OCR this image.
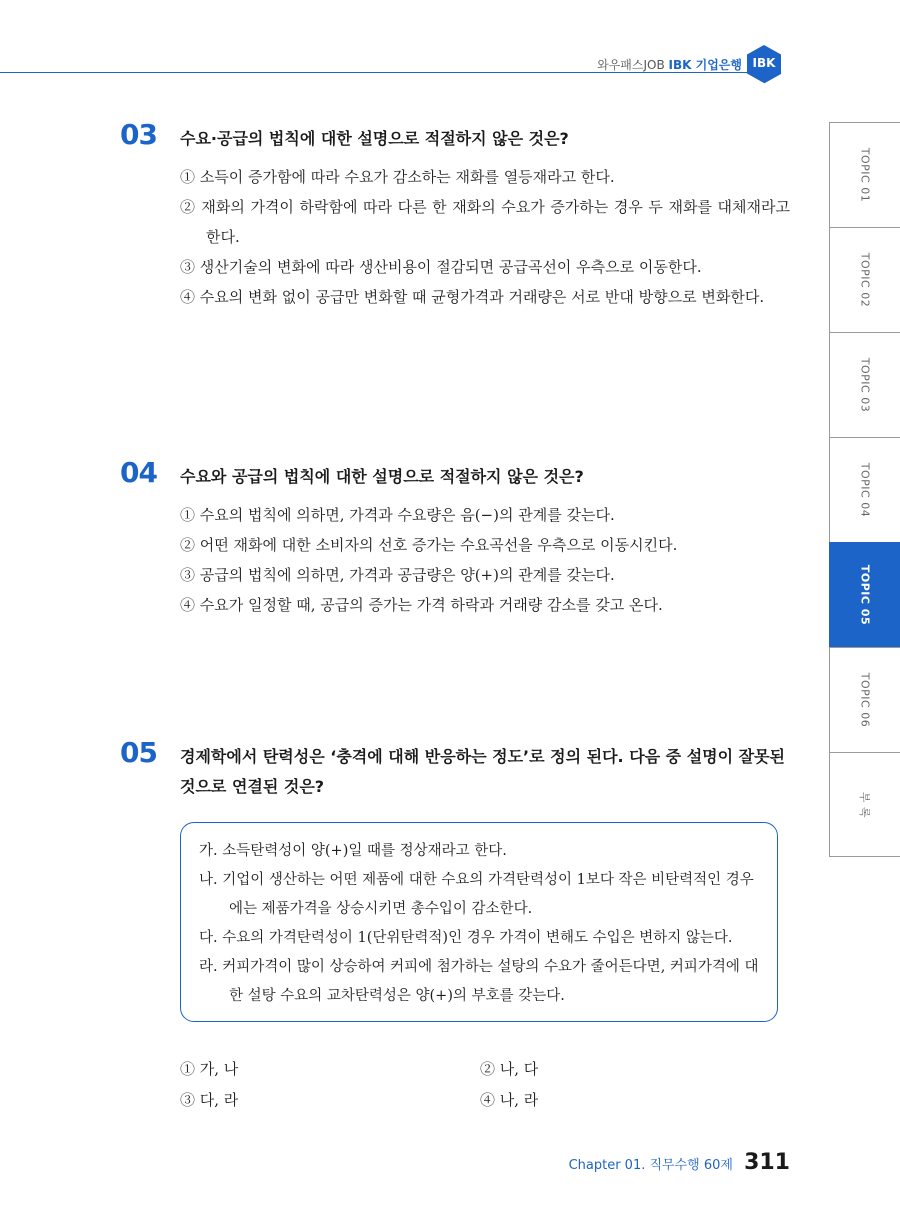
와우패스JOB IBK 기업은행 IBK
TOPIC 01
TOPIC 02
TOPIC 03
TOPIC 04
TOPIC 05
TOPIC 06
부 록
03 수요·공급의 법칙에 대한 설명으로 적절하지 않은 것은?
① 소득이 증가함에 따라 수요가 감소하는 재화를 열등재라고 한다.
② 재화의 가격이 하락함에 따라 다른 한 재화의 수요가 증가하는 경우 두 재화를 대체재라고 한다.
③ 생산기술의 변화에 따라 생산비용이 절감되면 공급곡선이 우측으로 이동한다.
④ 수요의 변화 없이 공급만 변화할 때 균형가격과 거래량은 서로 반대 방향으로 변화한다.
04 수요와 공급의 법칙에 대한 설명으로 적절하지 않은 것은?
① 수요의 법칙에 의하면, 가격과 수요량은 음(−)의 관계를 갖는다.
② 어떤 재화에 대한 소비자의 선호 증가는 수요곡선을 우측으로 이동시킨다.
③ 공급의 법칙에 의하면, 가격과 공급량은 양(+)의 관계를 갖는다.
④ 수요가 일정할 때, 공급의 증가는 가격 하락과 거래량 감소를 갖고 온다.
05 경제학에서 탄력성은 ‘충격에 대해 반응하는 정도’로 정의 된다. 다음 중 설명이 잘못된 것으로 연결된 것은?
가. 소득탄력성이 양(+)일 때를 정상재라고 한다.
나. 기업이 생산하는 어떤 제품에 대한 수요의 가격탄력성이 1보다 작은 비탄력적인 경우에는 제품가격을 상승시키면 총수입이 감소한다.
다. 수요의 가격탄력성이 1(단위탄력적)인 경우 가격이 변해도 수입은 변하지 않는다.
라. 커피가격이 많이 상승하여 커피에 첨가하는 설탕의 수요가 줄어든다면, 커피가격에 대한 설탕 수요의 교차탄력성은 양(+)의 부호를 갖는다.
① 가, 나	② 나, 다
③ 다, 라	④ 나, 라
Chapter 01. 직무수행 60제 311
